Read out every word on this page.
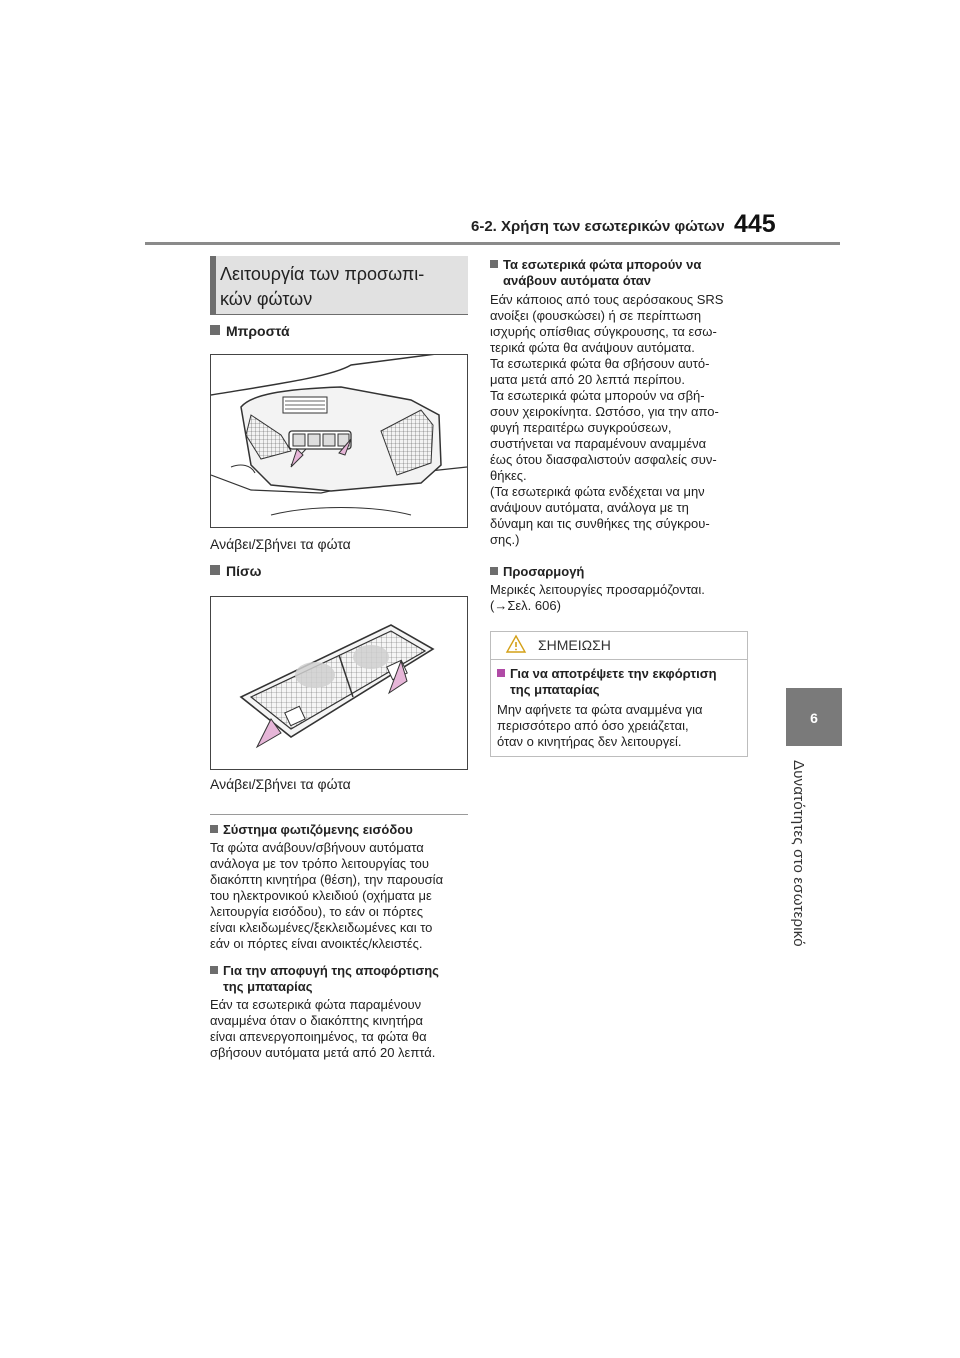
6-2. Χρήση των εσωτερικών φώτων 445
6
Δυνατότητες στο εσωτερικό
Λειτουργία των προσωπι-
κών φώτων
Μπροστά
Ανάβει/Σβήνει τα φώτα
Πίσω
Ανάβει/Σβήνει τα φώτα
Σύστημα φωτιζόμενης εισόδου
Τα φώτα ανάβουν/σβήνουν αυτόματα
ανάλογα με τον τρόπο λειτουργίας του
διακόπτη κινητήρα (θέση), την παρουσία
του ηλεκτρονικού κλειδιού (οχήματα με
λειτουργία εισόδου), το εάν οι πόρτες
είναι κλειδωμένες/ξεκλειδωμένες και το
εάν οι πόρτες είναι ανοικτές/κλειστές.
Για την αποφυγή της αποφόρτισης
της μπαταρίας
Εάν τα εσωτερικά φώτα παραμένουν
αναμμένα όταν ο διακόπτης κινητήρα
είναι απενεργοποιημένος, τα φώτα θα
σβήσουν αυτόματα μετά από 20 λεπτά.
Τα εσωτερικά φώτα μπορούν να
ανάβουν αυτόματα όταν
Εάν κάποιος από τους αερόσακους SRS
ανοίξει (φουσκώσει) ή σε περίπτωση
ισχυρής οπίσθιας σύγκρουσης, τα εσω-
τερικά φώτα θα ανάψουν αυτόματα.
Τα εσωτερικά φώτα θα σβήσουν αυτό-
ματα μετά από 20 λεπτά περίπου.
Τα εσωτερικά φώτα μπορούν να σβή-
σουν χειροκίνητα. Ωστόσο, για την απο-
φυγή περαιτέρω συγκρούσεων,
συστήνεται να παραμένουν αναμμένα
έως ότου διασφαλιστούν ασφαλείς συν-
θήκες.
(Τα εσωτερικά φώτα ενδέχεται να μην
ανάψουν αυτόματα, ανάλογα με τη
δύναμη και τις συνθήκες της σύγκρου-
σης.)
Προσαρμογή
Μερικές λειτουργίες προσαρμόζονται.
(→Σελ. 606)
ΣΗΜΕΙΩΣΗ
Για να αποτρέψετε την εκφόρτιση
της μπαταρίας
Μην αφήνετε τα φώτα αναμμένα για
περισσότερο από όσο χρειάζεται,
όταν ο κινητήρας δεν λειτουργεί.
